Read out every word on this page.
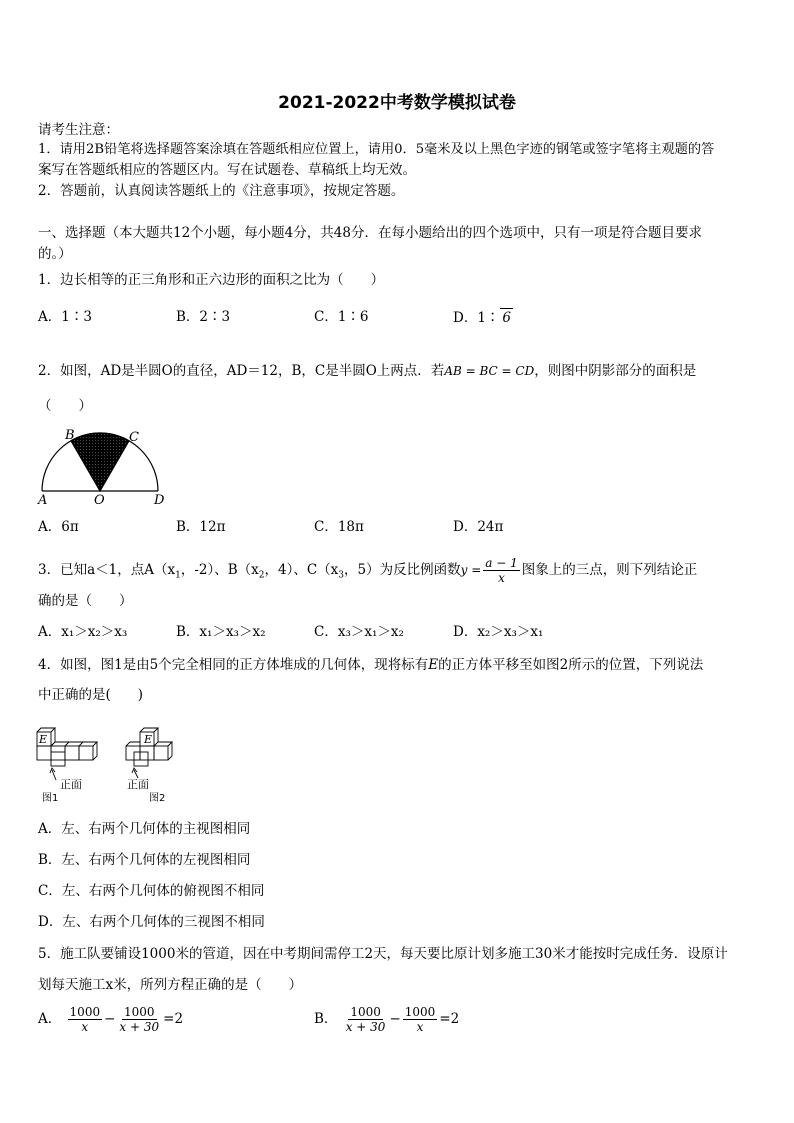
2021-2022中考数学模拟试卷
请考生注意：
1．请用2B铅笔将选择题答案涂填在答题纸相应位置上，请用0．5毫米及以上黑色字迹的钢笔或签字笔将主观题的答
案写在答题纸相应的答题区内。写在试题卷、草稿纸上均无效。
2．答题前，认真阅读答题纸上的《注意事项》，按规定答题。
一、选择题（本大题共12个小题，每小题4分，共48分．在每小题给出的四个选项中，只有一项是符合题目要求
的。）
1．边长相等的正三角形和正六边形的面积之比为（　　）
A．1∶3	B．2∶3	C．1∶6	D．1∶ 6
2．如图，AD是半圆O的直径，AD＝12，B，C是半圆O上两点．若AB = BC = CD，则图中阴影部分的面积是
（　　）
A	O	D
B	C
A．6π	B．12π	C．18π	D．24π
3．已知a＜1，点$A(x_1$，-2）、$B(x_2$，4）、$C(x_3$，5）为反比例函数$y = \frac{a - 1}{x}$ 图象上的三点，则下列结论正
确的是（　　）
A．x₁＞x₂＞x₃	B．x₁＞x₃＞x₂	C．x₃＞x₁＞x₂	D．x₂＞x₃＞x₁
4．如图，图1是由5个完全相同的正方体堆成的几何体，现将标有E的正方体平移至如图2所示的位置，下列说法
中正确的是(　　)
E
正面
图1
E
正面
图2
A．左、右两个几何体的主视图相同
B．左、右两个几何体的左视图相同
C．左、右两个几何体的俯视图不相同
D．左、右两个几何体的三视图不相同
5．施工队要铺设1000米的管道，因在中考期间需停工2天，每天要比原计划多施工30米才能按时完成任务．设原计
划每天施工x米，所列方程正确的是（　　）
A． $\frac{1000}{x} - \frac{1000}{x + 30} =2$	B． $\frac{1000}{x + 30} - \frac{1000}{x} =2$
